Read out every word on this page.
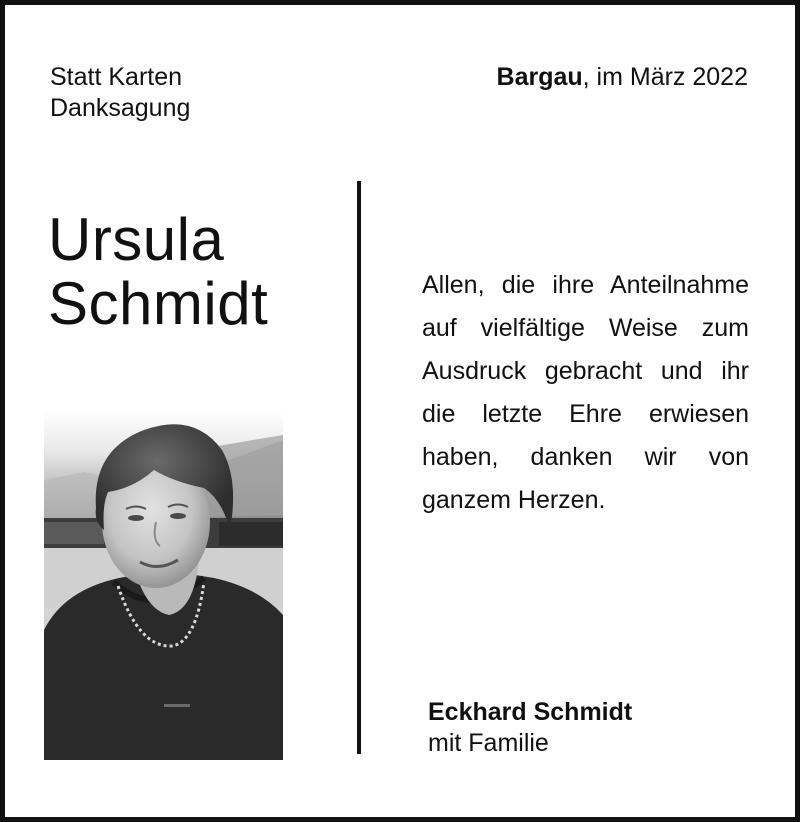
Statt Karten
Danksagung
Bargau, im März 2022
Ursula
Schmidt	Allen, die ihre Anteilnahme auf vielfältige Weise zum Ausdruck gebracht und ihr die letzte Ehre erwiesen haben, danken wir von ganzem Herzen.
Eckhard Schmidt
mit Familie
